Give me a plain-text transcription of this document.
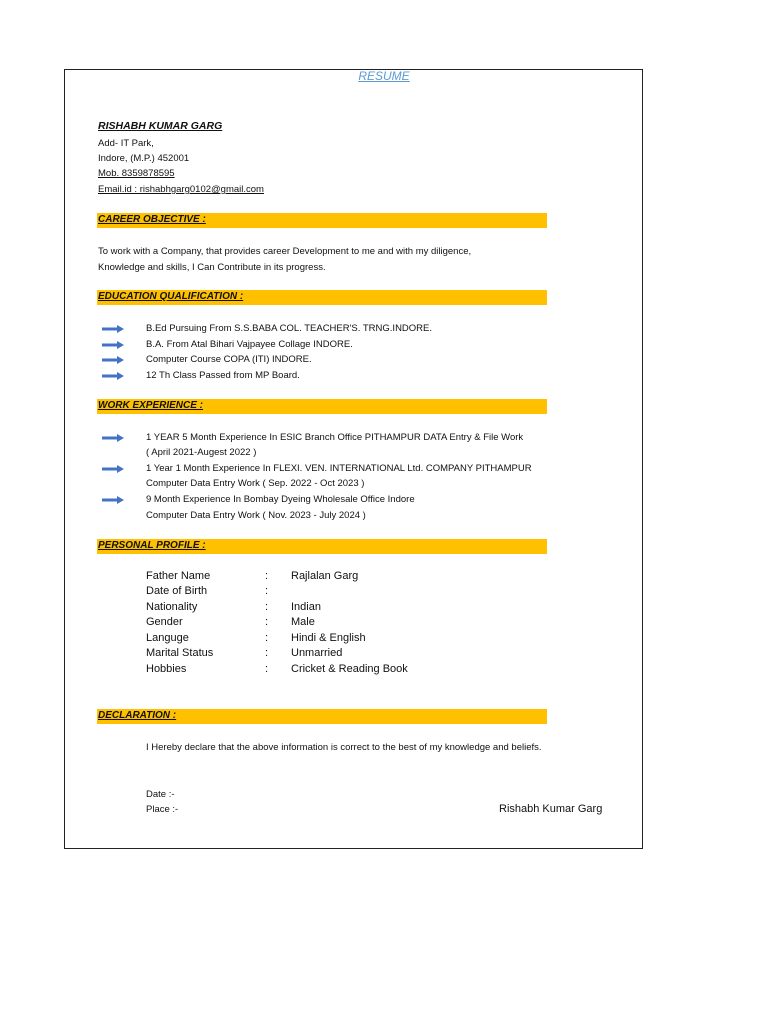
RESUME
RISHABH KUMAR GARG
Add- IT Park,
Indore, (M.P.) 452001
Mob. 8359878595
Email.id : rishabhgarg0102@gmail.com
CAREER OBJECTIVE :
To work with a Company, that provides career Development to me and with my diligence,
Knowledge and skills, I Can Contribute in its progress.
EDUCATION QUALIFICATION :
B.Ed Pursuing From S.S.BABA COL. TEACHER'S. TRNG.INDORE.
B.A. From Atal Bihari Vajpayee Collage INDORE.
Computer Course COPA (ITI) INDORE.
12 Th Class Passed from MP Board.
WORK EXPERIENCE :
1 YEAR 5 Month Experience In ESIC Branch Office PITHAMPUR DATA Entry & File Work
( April 2021-Augest 2022 )
1 Year 1 Month Experience In FLEXI. VEN. INTERNATIONAL Ltd. COMPANY PITHAMPUR
Computer Data Entry Work ( Sep. 2022 - Oct 2023 )
9 Month Experience In Bombay Dyeing Wholesale Office Indore
Computer Data Entry Work ( Nov. 2023 - July 2024 )
PERSONAL PROFILE :
Father Name	: Rajlalan Garg
Date of Birth	:
Nationality	: Indian
Gender	: Male
Languge	: Hindi & English
Marital Status	: Unmarried
Hobbies	: Cricket & Reading Book
DECLARATION :
I Hereby declare that the above information is correct to the best of my knowledge and beliefs.
Date :-
Place :-	Rishabh Kumar Garg
